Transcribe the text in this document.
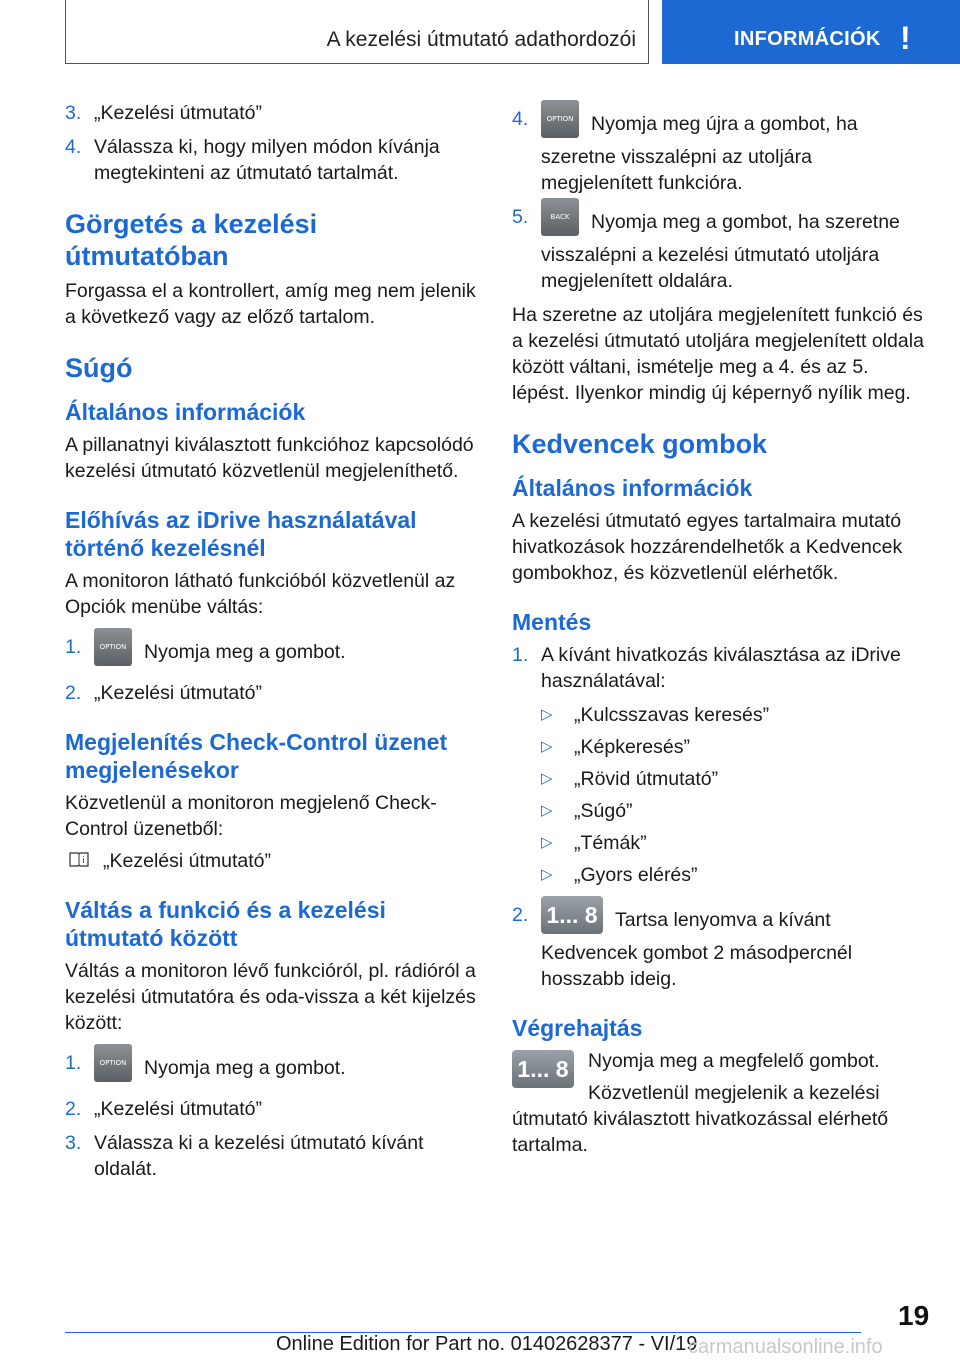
A kezelési útmutató adathordozói	INFORMÁCIÓK !
3. „Kezelési útmutató”
4. Válassza ki, hogy milyen módon kívánja megtekinteni az útmutató tartalmát.
Görgetés a kezelési útmutatóban

Forgassa el a kontrollert, amíg meg nem jelenik a következő vagy az előző tartalom.

Súgó
Általános információk

A pillanatnyi kiválasztott funkcióhoz kapcsolódó kezelési útmutató közvetlenül megjeleníthető.

Előhívás az iDrive használatával történő kezelésnél

A monitoron látható funkcióból közvetlenül az Opciók menübe váltás:

1.	OPTION Nyomja meg a gombot.
2. „Kezelési útmutató”
Megjelenítés Check-Control üzenet megjelenésekor

Közvetlenül a monitoron megjelenő Check-Control üzenetből:

i „Kezelési útmutató”
Váltás a funkció és a kezelési útmutató között

Váltás a monitoron lévő funkcióról, pl. rádióról a kezelési útmutatóra és oda-vissza a két kijelzés között:

1.	OPTION Nyomja meg a gombot.
2. „Kezelési útmutató”
3. Válassza ki a kezelési útmutató kívánt oldalát.
4.	OPTION Nyomja meg újra a gombot, ha szeretne visszalépni az utoljára megjelenített funkcióra.
5.	BACK Nyomja meg a gombot, ha szeretne visszalépni a kezelési útmutató utoljára megjelenített oldalára.

Ha szeretne az utoljára megjelenített funkció és a kezelési útmutató utoljára megjelenített oldala között váltani, ismételje meg a 4. és az 5. lépést. Ilyenkor mindig új képernyő nyílik meg.

Kedvencek gombok
Általános információk

A kezelési útmutató egyes tartalmaira mutató hivatkozások hozzárendelhetők a Kedvencek gombokhoz, és közvetlenül elérhetők.

Mentés
1. A kívánt hivatkozás kiválasztása az iDrive használatával:
▷ „Kulcsszavas keresés”
▷ „Képkeresés”
▷ „Rövid útmutató”
▷ „Súgó”
▷ „Témák”
▷ „Gyors elérés”
2. 1... 8 Tartsa lenyomva a kívánt Kedvencek gombot 2 másodpercnél hosszabb ideig.
Végrehajtás
1... 8 Nyomja meg a megfelelő gombot.

Közvetlenül megjelenik a kezelési útmutató kiválasztott hivatkozással elérhető tartalma.

19
Online Edition for Part no. 01402628377 - VI/19
carmanualsonline.info
